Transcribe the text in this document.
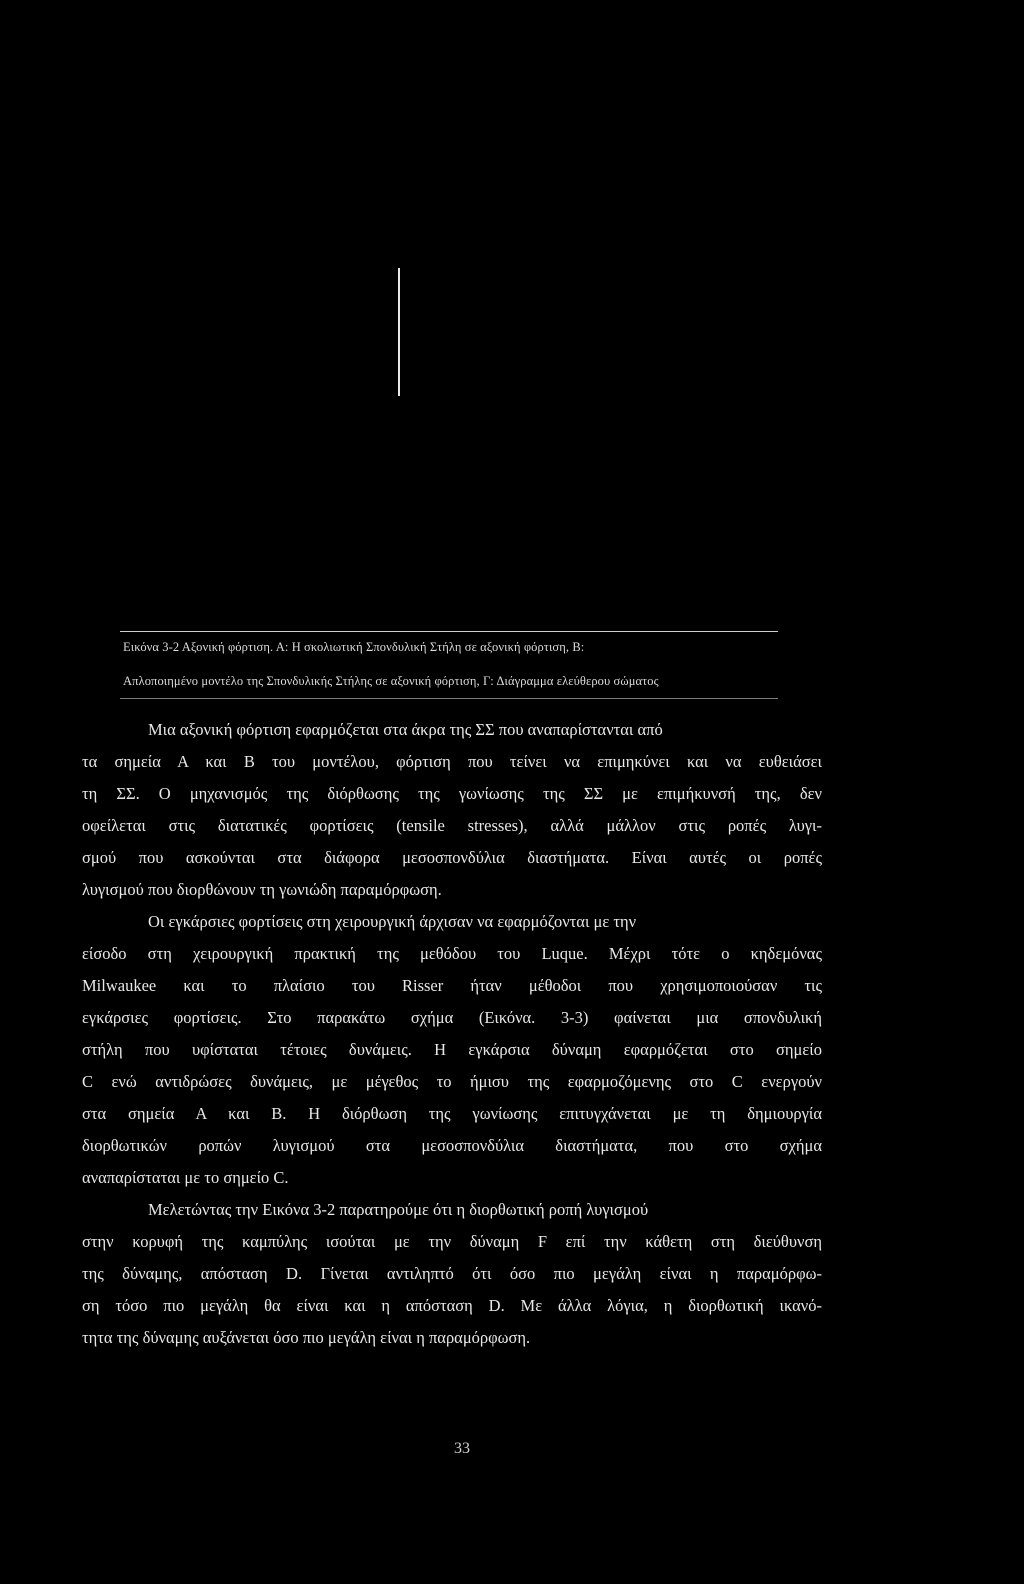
Εικόνα 3-2 Αξονική φόρτιση. Α: Η σκολιωτική Σπονδυλική Στήλη σε αξονική φόρτιση, Β:
Απλοποιημένο μοντέλο της Σπονδυλικής Στήλης σε αξονική φόρτιση, Γ: Διάγραμμα ελεύθερου σώματος
Μια αξονική φόρτιση εφαρμόζεται στα άκρα της ΣΣ που αναπαρίστανται από
τα σημεία Α και Β του μοντέλου, φόρτιση που τείνει να επιμηκύνει και να ευθειάσει
τη ΣΣ. Ο μηχανισμός της διόρθωσης της γωνίωσης της ΣΣ με επιμήκυνσή της, δεν
οφείλεται στις διατατικές φορτίσεις (tensile stresses), αλλά μάλλον στις ροπές λυγι-
σμού που ασκούνται στα διάφορα μεσοσπονδύλια διαστήματα. Είναι αυτές οι ροπές
λυγισμού που διορθώνουν τη γωνιώδη παραμόρφωση.
Οι εγκάρσιες φορτίσεις στη χειρουργική άρχισαν να εφαρμόζονται με την
είσοδο στη χειρουργική πρακτική της μεθόδου του Luque. Μέχρι τότε ο κηδεμόνας
Milwaukee και το πλαίσιο του Risser ήταν μέθοδοι που χρησιμοποιούσαν τις
εγκάρσιες φορτίσεις. Στο παρακάτω σχήμα (Εικόνα. 3-3) φαίνεται μια σπονδυλική
στήλη που υφίσταται τέτοιες δυνάμεις. Η εγκάρσια δύναμη εφαρμόζεται στο σημείο
C ενώ αντιδρώσες δυνάμεις, με μέγεθος το ήμισυ της εφαρμοζόμενης στο C ενεργούν
στα σημεία Α και Β. Η διόρθωση της γωνίωσης επιτυγχάνεται με τη δημιουργία
διορθωτικών ροπών λυγισμού στα μεσοσπονδύλια διαστήματα, που στο σχήμα
αναπαρίσταται με το σημείο C.
Μελετώντας την Εικόνα 3-2 παρατηρούμε ότι η διορθωτική ροπή λυγισμού
στην κορυφή της καμπύλης ισούται με την δύναμη F επί την κάθετη στη διεύθυνση
της δύναμης, απόσταση D. Γίνεται αντιληπτό ότι όσο πιο μεγάλη είναι η παραμόρφω-
ση τόσο πιο μεγάλη θα είναι και η απόσταση D. Με άλλα λόγια, η διορθωτική ικανό-
τητα της δύναμης αυξάνεται όσο πιο μεγάλη είναι η παραμόρφωση.
33
